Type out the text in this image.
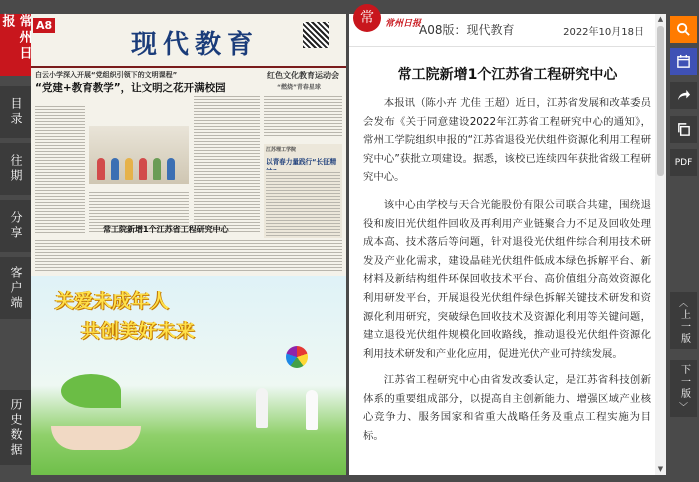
常州日报
目录
往期
分享
客户端
历史数据
A8
现代教育
白云小学深入开展“党组织引领下的文明课程”
“党建+教育教学”，让文明之花开满校园
红色文化教育运动会
“燃烧”青春星球
江苏理工学院
以青春力量践行“长征精
常工院新增1个江苏省工程研究中心
关爱未成年人
共创美好未来
常	常州日报
A08版：现代教育	2022年10月18日
常工院新增1个江苏省工程研究中心
本报讯（陈小卉 尤佳 王超）近日，江苏省发展和改革委员会发布《关于同意建设2022年江苏省工程研究中心的通知》，常州工学院组织申报的“江苏省退役光伏组件资源化利用工程研究中心”获批立项建设。据悉，该校已连续四年获批省级工程研究中心。
该中心由学校与天合光能股份有限公司联合共建，围绕退役和废旧光伏组件回收及再利用产业链聚合力不足及回收处理成本高、技术落后等问题，针对退役光伏组件综合利用技术研发及产业化需求，建设晶硅光伏组件低成本绿色拆解平台、新材料及新结构组件环保回收技术平台、高价值组分高效资源化利用研发平台，开展退役光伏组件绿色拆解关键技术研发和资源化利用研究，突破绿色回收技术及资源化利用等关键问题，建立退役光伏组件规模化回收路线，推动退役光伏组件资源化利用技术研发和产业化应用，促进光伏产业可持续发展。
江苏省工程研究中心由省发改委认定，是江苏省科技创新体系的重要组成部分，以提高自主创新能力、增强区域产业核心竞争力、服务国家和省重大战略任务及重点工程实施为目标。
▲
▼
PDF
︿
上一版
下一版
﹀
